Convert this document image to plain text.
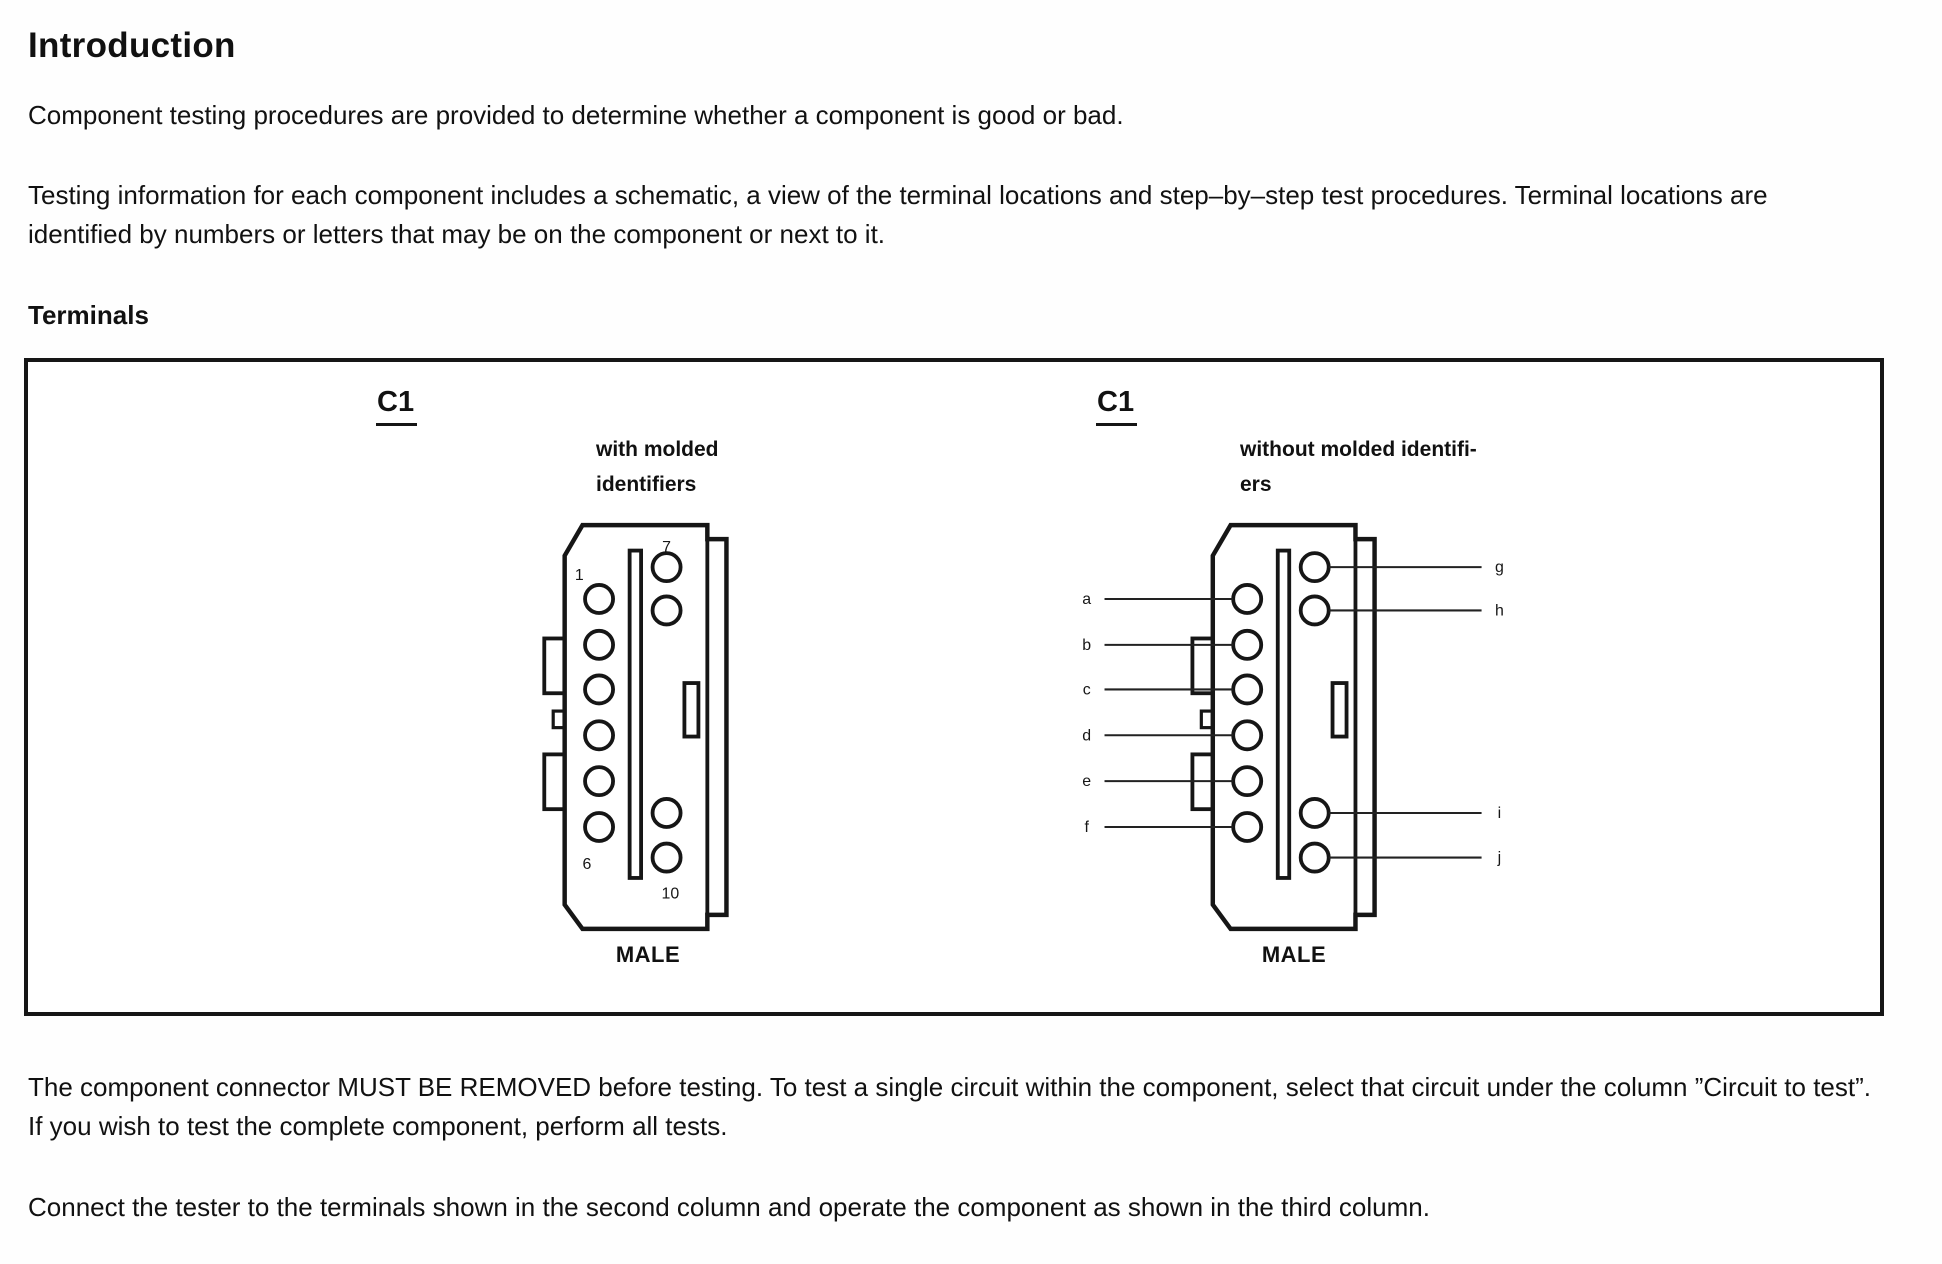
Introduction

Component testing procedures are provided to determine whether a component is good or bad.

Testing information for each component includes a schematic, a view of the terminal locations and step–by–step test procedures. Terminal locations are identified by numbers or letters that may be on the component or next to it.

Terminals
C1
with molded
identifiers
1
7
6
10
MALE
C1
without molded identifi-
ers
a
b
c
d
e
f
g
h
i
j
MALE

The component connector MUST BE REMOVED before testing. To test a single circuit within the component, select that circuit under the column ”Circuit to test”. If you wish to test the complete component, perform all tests.

Connect the tester to the terminals shown in the second column and operate the component as shown in the third column.
